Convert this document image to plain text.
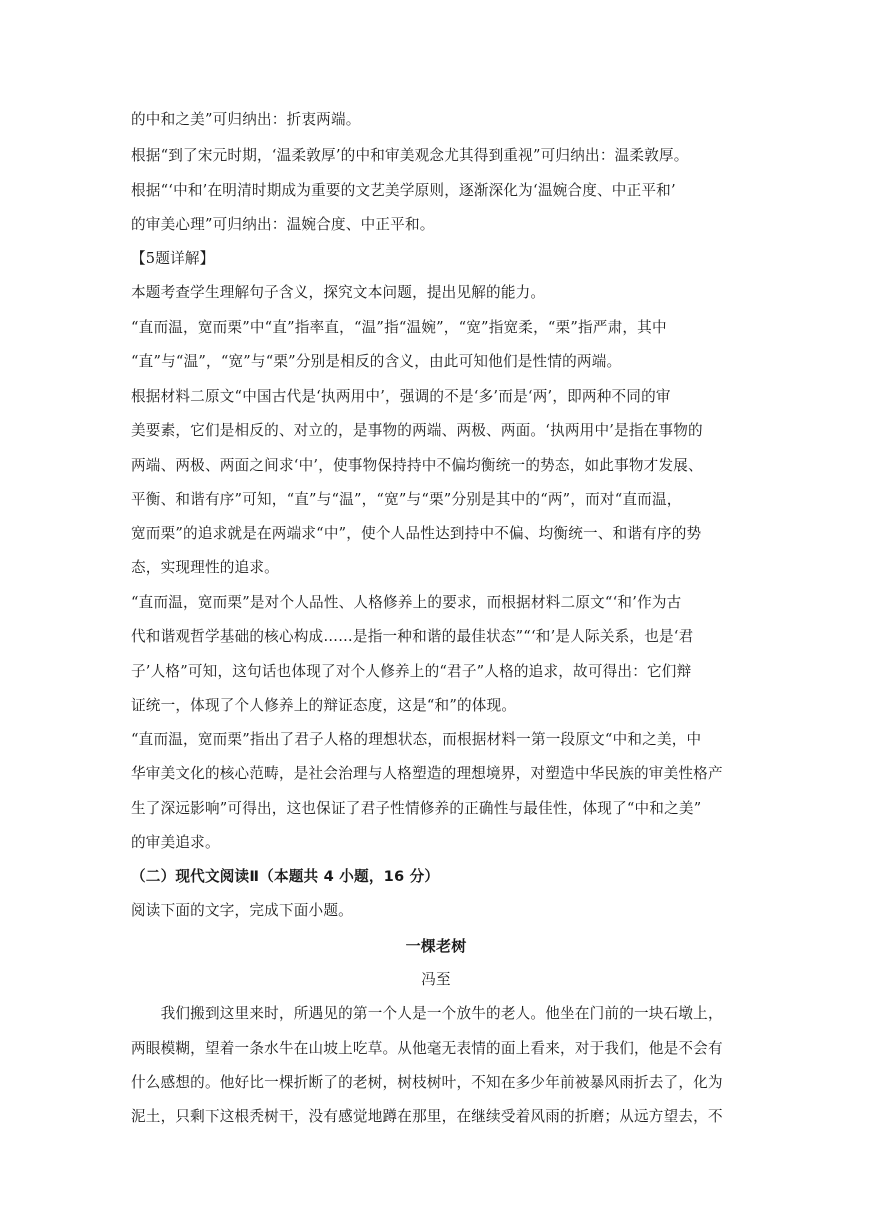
的中和之美”可归纳出：折衷两端。
根据“到了宋元时期，‘温柔敦厚’的中和审美观念尤其得到重视”可归纳出：温柔敦厚。
根据“‘中和’在明清时期成为重要的文艺美学原则，逐渐深化为‘温婉合度、中正平和’
的审美心理”可归纳出：温婉合度、中正平和。
【5题详解】
本题考查学生理解句子含义，探究文本问题，提出见解的能力。
“直而温，宽而栗”中“直”指率直，“温”指“温婉”，“宽”指宽柔，“栗”指严肃，其中
“直”与“温”，“宽”与“栗”分别是相反的含义，由此可知他们是性情的两端。
根据材料二原文“中国古代是‘执两用中’，强调的不是‘多’而是‘两’，即两种不同的审
美要素，它们是相反的、对立的，是事物的两端、两极、两面。‘执两用中’是指在事物的
两端、两极、两面之间求‘中’，使事物保持持中不偏均衡统一的势态，如此事物才发展、
平衡、和谐有序”可知，“直”与“温”，“宽”与“栗”分别是其中的“两”，而对“直而温，
宽而栗”的追求就是在两端求“中”，使个人品性达到持中不偏、均衡统一、和谐有序的势
态，实现理性的追求。
“直而温，宽而栗”是对个人品性、人格修养上的要求，而根据材料二原文“‘和’作为古
代和谐观哲学基础的核心构成……是指一种和谐的最佳状态”“‘和’是人际关系，也是‘君
子’人格”可知，这句话也体现了对个人修养上的“君子”人格的追求，故可得出：它们辩
证统一，体现了个人修养上的辩证态度，这是“和”的体现。
“直而温，宽而栗”指出了君子人格的理想状态，而根据材料一第一段原文“中和之美，中
华审美文化的核心范畴，是社会治理与人格塑造的理想境界，对塑造中华民族的审美性格产
生了深远影响”可得出，这也保证了君子性情修养的正确性与最佳性，体现了“中和之美”
的审美追求。
（二）现代文阅读Ⅱ（本题共 4 小题，16 分）
阅读下面的文字，完成下面小题。
一棵老树
冯至
　　我们搬到这里来时，所遇见的第一个人是一个放牛的老人。他坐在门前的一块石墩上，
两眼模糊，望着一条水牛在山坡上吃草。从他毫无表情的面上看来，对于我们，他是不会有
什么感想的。他好比一棵折断了的老树，树枝树叶，不知在多少年前被暴风雨折去了，化为
泥土，只剩下这根秃树干，没有感觉地蹲在那里，在继续受着风雨的折磨；从远方望去，不
